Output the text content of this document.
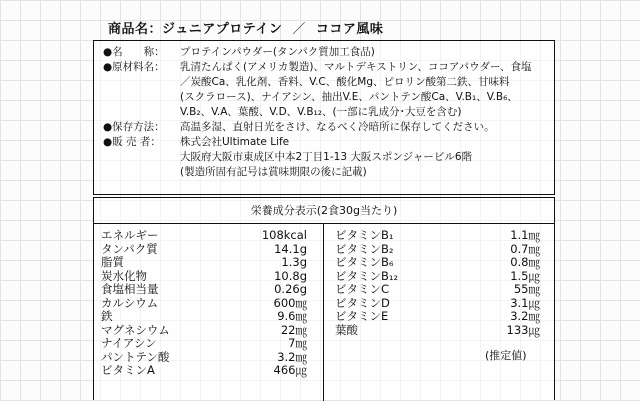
商品名：ジュニアプロテイン ／ ココア風味
●名　　称： プロテインパウダー(タンパク質加工食品)
●原材料名： 乳清たんぱく(アメリカ製造)、マルトデキストリン、ココアパウダー、食塩
／炭酸Ca、乳化剤、香料、V.C、酸化Mg、ピロリン酸第二鉄、甘味料
(スクラロース)、ナイアシン、抽出V.E、パントテン酸Ca、V.B₁、V.B₆、
V.B₂、V.A、葉酸、V.D、V.B₁₂、(一部に乳成分･大豆を含む)
●保存方法： 高温多湿、直射日光をさけ、なるべく冷暗所に保存してください。
●販 売 者： 株式会社Ultimate Life
大阪府大阪市東成区中本2丁目1-13 大阪スポンジャービル6階
(製造所固有記号は賞味期限の後に記載)
栄養成分表示(2食30g当たり)
エネルギー	108kcal
タンパク質	14.1g
脂質	1.3g
炭水化物	10.8g
食塩相当量	0.26g
カルシウム	600㎎
鉄	9.6㎎
マグネシウム	22㎎
ナイアシン	7㎎
パントテン酸	3.2㎎
ビタミンA	466㎍
ビタミンB₁	1.1㎎
ビタミンB₂	0.7㎎
ビタミンB₆	0.8㎎
ビタミンB₁₂	1.5㎍
ビタミンC	55㎎
ビタミンD	3.1㎍
ビタミンE	3.2㎎
葉酸	133㎍
(推定値)
